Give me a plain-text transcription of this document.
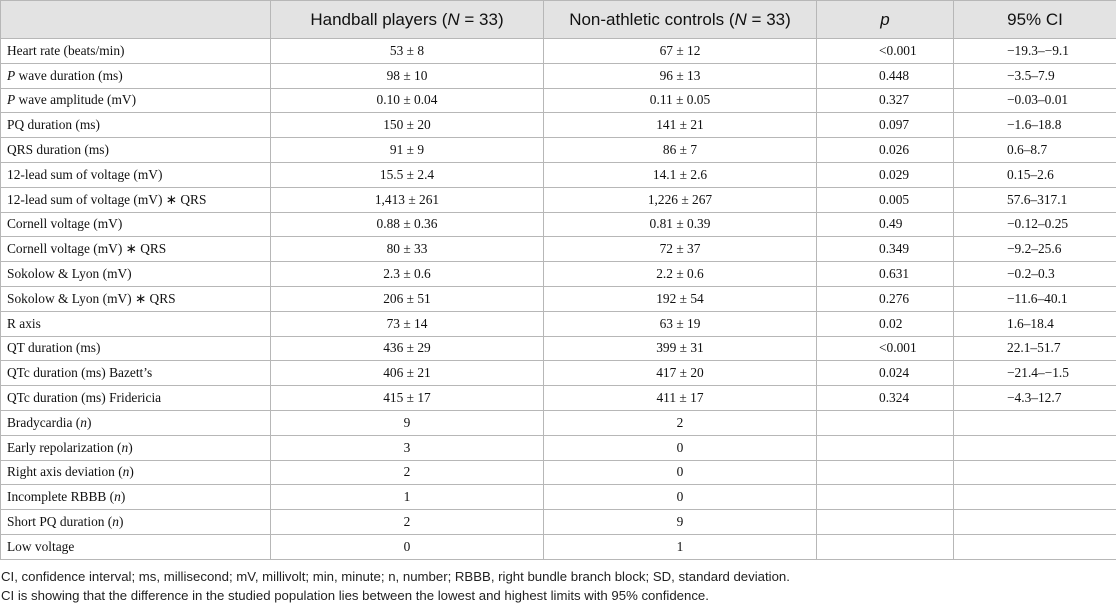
	Handball players (N = 33)	Non-athletic controls (N = 33)	p	95% CI
Heart rate (beats/min)	53 ± 8	67 ± 12	<0.001	−19.3–−9.1
P wave duration (ms)	98 ± 10	96 ± 13	0.448	−3.5–7.9
P wave amplitude (mV)	0.10 ± 0.04	0.11 ± 0.05	0.327	−0.03–0.01
PQ duration (ms)	150 ± 20	141 ± 21	0.097	−1.6–18.8
QRS duration (ms)	91 ± 9	86 ± 7	0.026	0.6–8.7
12-lead sum of voltage (mV)	15.5 ± 2.4	14.1 ± 2.6	0.029	0.15–2.6
12-lead sum of voltage (mV) ∗ QRS	1,413 ± 261	1,226 ± 267	0.005	57.6–317.1
Cornell voltage (mV)	0.88 ± 0.36	0.81 ± 0.39	0.49	−0.12–0.25
Cornell voltage (mV) ∗ QRS	80 ± 33	72 ± 37	0.349	−9.2–25.6
Sokolow & Lyon (mV)	2.3 ± 0.6	2.2 ± 0.6	0.631	−0.2–0.3
Sokolow & Lyon (mV) ∗ QRS	206 ± 51	192 ± 54	0.276	−11.6–40.1
R axis	73 ± 14	63 ± 19	0.02	1.6–18.4
QT duration (ms)	436 ± 29	399 ± 31	<0.001	22.1–51.7
QTc duration (ms) Bazett’s	406 ± 21	417 ± 20	0.024	−21.4–−1.5
QTc duration (ms) Fridericia	415 ± 17	411 ± 17	0.324	−4.3–12.7
Bradycardia (n)	9	2		
Early repolarization (n)	3	0		
Right axis deviation (n)	2	0		
Incomplete RBBB (n)	1	0		
Short PQ duration (n)	2	9		
Low voltage	0	1		
CI, confidence interval; ms, millisecond; mV, millivolt; min, minute; n, number; RBBB, right bundle branch block; SD, standard deviation.
CI is showing that the difference in the studied population lies between the lowest and highest limits with 95% confidence.
